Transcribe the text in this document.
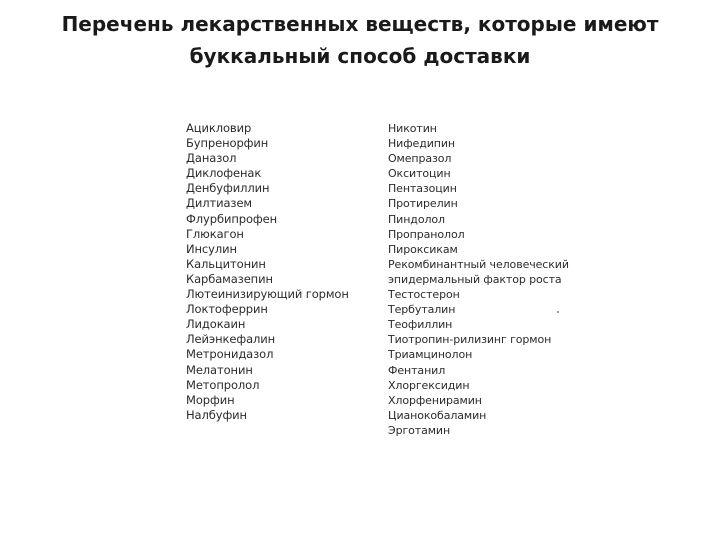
Перечень лекарственных веществ, которые имеют
буккальный способ доставки
Ацикловир
Бупренорфин
Даназол
Диклофенак
Денбуфиллин
Дилтиазем
Флурбипрофен
Глюкагон
Инсулин
Кальцитонин
Карбамазепин
Лютеинизирующий гормон
Локтоферрин
Лидокаин
Лейэнкефалин
Метронидазол
Мелатонин
Метопролол
Морфин
Налбуфин
Никотин
Нифедипин
Омепразол
Окситоцин
Пентазоцин
Протирелин
Пиндолол
Пропранолол
Пироксикам
Рекомбинантный человеческий
эпидермальный фактор роста
Тестостерон
Тербуталин
Теофиллин
Тиотропин-рилизинг гормон
Триамцинолон
Фентанил
Хлоргексидин
Хлорфенирамин
Цианокобаламин
Эрготамин
